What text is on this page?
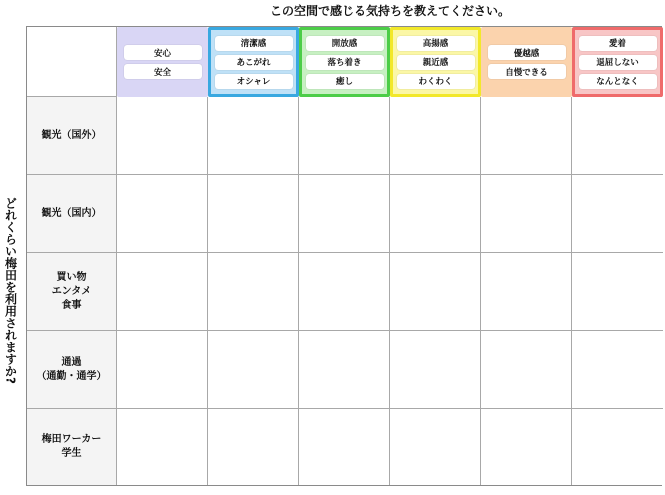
この空間で感じる気持ちを教えてください。
どれくらい梅田を利用されますか?
安心
安全
清潔感
あこがれ
オシャレ
開放感
落ち着き
癒し
高揚感
親近感
わくわく
優越感
自慢できる
愛着
退屈しない
なんとなく
観光（国外）
観光（国内）
買い物
エンタメ
食事
通過
（通勤・通学）
梅田ワーカー
学生
